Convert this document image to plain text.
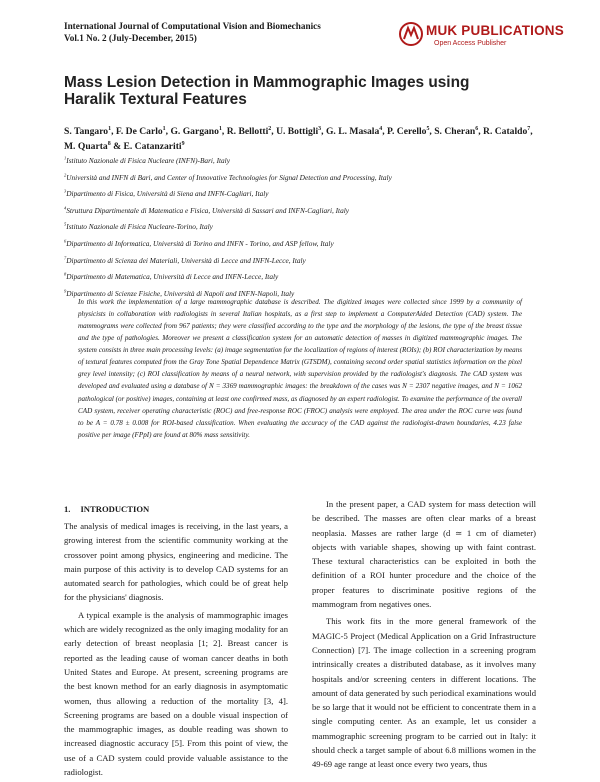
International Journal of Computational Vision and Biomechanics
Vol.1 No. 2 (July-December, 2015)	MUK PUBLICATIONS
Open Access Publisher
Mass Lesion Detection in Mammographic Images using Haralik Textural Features
S. Tangaro$^1$, F. De Carlo$^1$, G. Gargano$^1$, R. Bellotti$^2$, U. Bottigli$^3$, G. L. Masala$^4$, P. Cerello$^5$, S. Cheran$^6$, R. Cataldo$^7$, M. Quarta$^8$ & E. Catanzariti$^9$
$^1$Istituto Nazionale di Fisica Nucleare (INFN)-Bari, Italy
$^2$Università and INFN di Bari, and Center of Innovative Technologies for Signal Detection and Processing, Italy
$^3$Dipartimento di Fisica, Università di Siena and INFN-Cagliari, Italy
$^4$Struttura Dipartimentale di Matematica e Fisica, Università di Sassari and INFN-Cagliari, Italy
$^5$Istituto Nazionale di Fisica Nucleare-Torino, Italy
$^6$Dipartimento di Informatica, Università di Torino and INFN - Torino, and ASP fellow, Italy
$^7$Dipartimento di Scienza dei Materiali, Università di Lecce and INFN-Lecce, Italy
$^8$Dipartimento di Matematica, Università di Lecce and INFN-Lecce, Italy
$^9$Dipartimento di Scienze Fisiche, Università di Napoli and INFN-Napoli, Italy

In this work the implementation of a large mammographic database is described. The digitized images were collected since 1999 by a community of physicists in collaboration with radiologists in several Italian hospitals, as a first step to implement a ComputerAided Detection (CAD) system. The mammograms were collected from 967 patients; they were classified according to the type and the morphology of the lesions, the type of the breast tissue and the type of pathologies. Moreover we present a classification system for an automatic detection of masses in digitized mammographic images. The system consists in three main processing levels: (a) image segmentation for the localization of regions of interest (ROIs); (b) ROI characterization by means of textural features computed from the Gray Tone Spatial Dependence Matrix (GTSDM), containing second order spatial statistics information on the pixel grey level intensity; (c) ROI classification by means of a neural network, with supervision provided by the radiologist's diagnosis. The CAD system was developed and evaluated using a database of N = 3369 mammographic images: the breakdown of the cases was N = 2307 negative images, and N = 1062 pathological (or positive) images, containing at least one confirmed mass, as diagnosed by an expert radiologist. To examine the performance of the overall CAD system, receiver operating characteristic (ROC) and free-response ROC (FROC) analysis were employed. The area under the ROC curve was found to be A = 0.78 ± 0.008 for ROI-based classification. When evaluating the accuracy of the CAD against the radiologist-drawn boundaries, 4.23 false positive per image (FPpI) are found at 80% mass sensitivity.

1. INTRODUCTION

The analysis of medical images is receiving, in the last years, a growing interest from the scientific community working at the crossover point among physics, engineering and medicine. The main purpose of this activity is to develop CAD systems for an automated search for pathologies, which could be of great help for the physicians' diagnosis.

A typical example is the analysis of mammographic images which are widely recognized as the only imaging modality for an early detection of breast neoplasia [1; 2]. Breast cancer is reported as the leading cause of woman cancer deaths in both United States and Europe. At present, screening programs are the best known method for an early diagnosis in asymptomatic women, thus allowing a reduction of the mortality [3, 4]. Screening programs are based on a double visual inspection of the mammographic images, as double reading was shown to increased diagnostic accuracy [5]. From this point of view, the use of a CAD system could provide valuable assistance to the radiologist.

In the present paper, a CAD system for mass detection will be described. The masses are often clear marks of a breast neoplasia. Masses are rather large (d ≃ 1 cm of diameter) objects with variable shapes, showing up with faint contrast. These textural characteristics can be exploited in both the definition of a ROI hunter procedure and the choice of the proper features to discriminate positive regions of the mammogram from negatives ones.

This work fits in the more general framework of the MAGIC-5 Project (Medical Application on a Grid Infrastructure Connection) [7]. The image collection in a screening program intrinsically creates a distributed database, as it involves many hospitals and/or screening centers in different locations. The amount of data generated by such periodical examinations would be so large that it would not be efficient to concentrate them in a single computing center. As an example, let us consider a mammographic screening program to be carried out in Italy: it should check a target sample of about 6.8 millions women in the 49-69 age range at least once every two years, thus
